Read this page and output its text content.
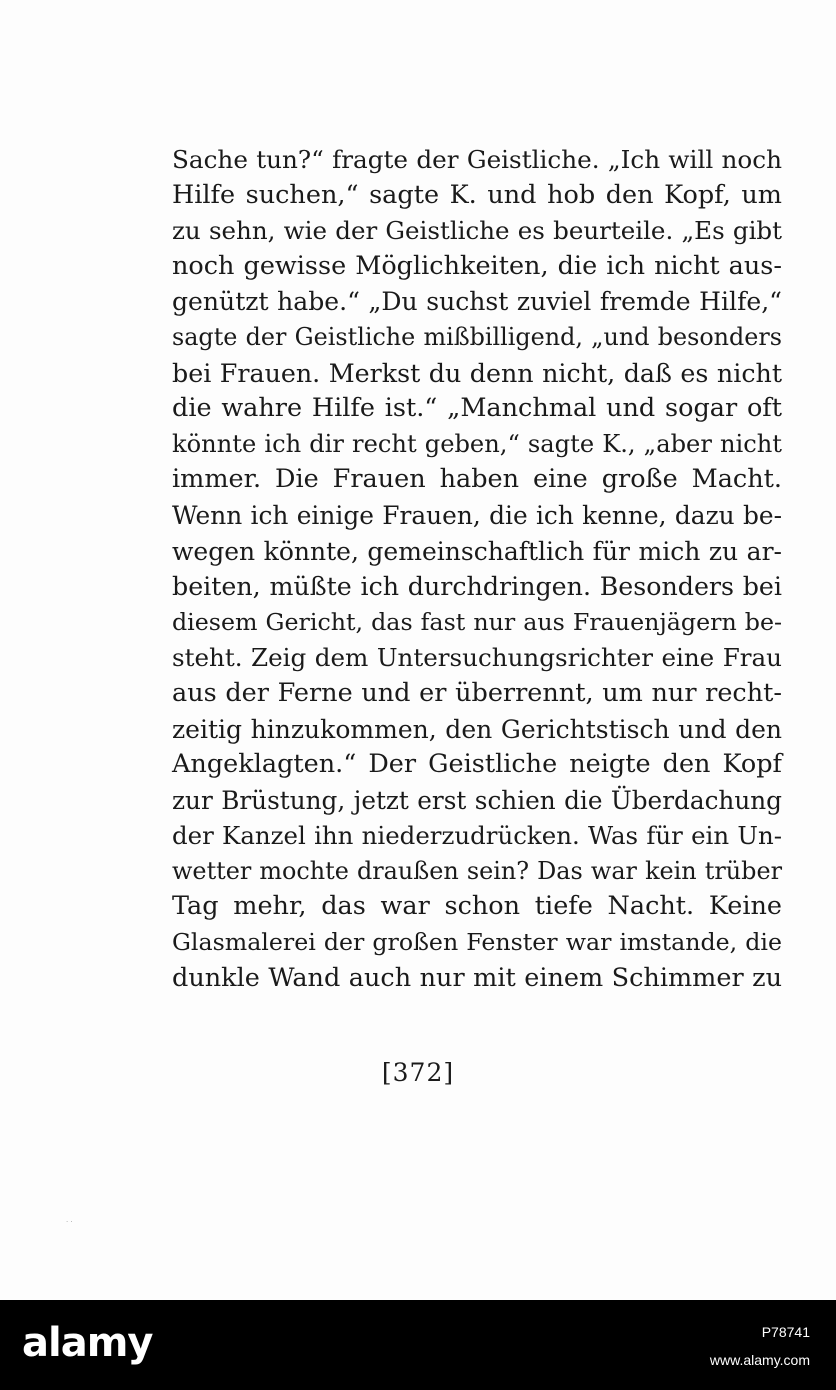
Sache tun?“ fragte der Geistliche. „Ich will noch
Hilfe suchen,“ sagte K. und hob den Kopf, um
zu sehn, wie der Geistliche es beurteile. „Es gibt
noch gewisse Möglichkeiten, die ich nicht aus-
genützt habe.“ „Du suchst zuviel fremde Hilfe,“
sagte der Geistliche mißbilligend, „und besonders
bei Frauen. Merkst du denn nicht, daß es nicht
die wahre Hilfe ist.“ „Manchmal und sogar oft
könnte ich dir recht geben,“ sagte K., „aber nicht
immer. Die Frauen haben eine große Macht.
Wenn ich einige Frauen, die ich kenne, dazu be-
wegen könnte, gemeinschaftlich für mich zu ar-
beiten, müßte ich durchdringen. Besonders bei
diesem Gericht, das fast nur aus Frauenjägern be-
steht. Zeig dem Untersuchungsrichter eine Frau
aus der Ferne und er überrennt, um nur recht-
zeitig hinzukommen, den Gerichtstisch und den
Angeklagten.“ Der Geistliche neigte den Kopf
zur Brüstung, jetzt erst schien die Überdachung
der Kanzel ihn niederzudrücken. Was für ein Un-
wetter mochte draußen sein? Das war kein trüber
Tag mehr, das war schon tiefe Nacht. Keine
Glasmalerei der großen Fenster war imstande, die
dunkle Wand auch nur mit einem Schimmer zu
[372]
· ·
alamy	P78741
www.alamy.com
